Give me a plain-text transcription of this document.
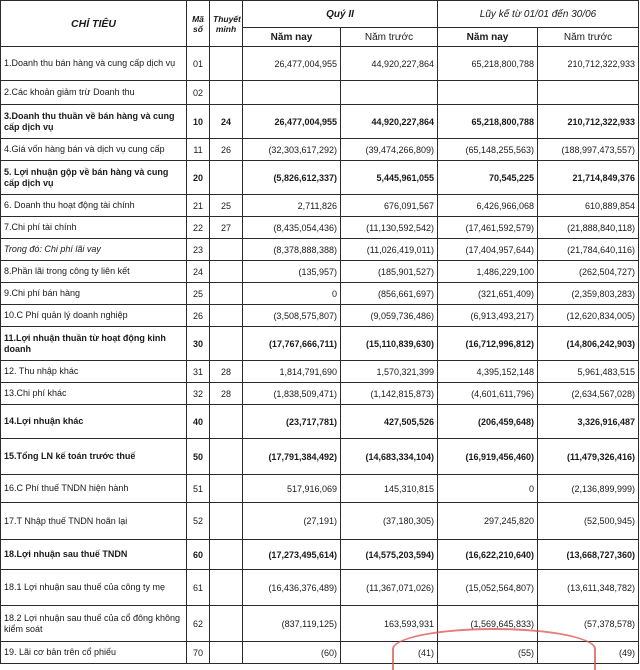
CHỈ TIÊU	Mã số	Thuyết minh	Quý II		Lũy kế từ 01/01 đến 30/06	
			Năm nay	Năm trước	Năm nay	Năm trước
1.Doanh thu bán hàng và cung cấp dịch vụ	01		26,477,004,955	44,920,227,864	65,218,800,788	210,712,322,933
2.Các khoản giảm trừ Doanh thu	02					
3.Doanh thu thuần về bán hàng và cung cấp dịch vụ	10	24	26,477,004,955	44,920,227,864	65,218,800,788	210,712,322,933
4.Giá vốn hàng bán và dịch vụ cung cấp	11	26	(32,303,617,292)	(39,474,266,809)	(65,148,255,563)	(188,997,473,557)
5. Lợi nhuận gộp về bán hàng và cung cấp dịch vụ	20		(5,826,612,337)	5,445,961,055	70,545,225	21,714,849,376
6. Doanh thu hoạt động tài chính	21	25	2,711,826	676,091,567	6,426,966,068	610,889,854
7.Chi phí tài chính	22	27	(8,435,054,436)	(11,130,592,542)	(17,461,592,579)	(21,888,840,118)
Trong đó: Chi phí lãi vay	23		(8,378,888,388)	(11,026,419,011)	(17,404,957,644)	(21,784,640,116)
8.Phần lãi trong công ty liên kết	24		(135,957)	(185,901,527)	1,486,229,100	(262,504,727)
9.Chi phí bán hàng	25		0	(856,661,697)	(321,651,409)	(2,359,803,283)
10.C Phí quản lý doanh nghiệp	26		(3,508,575,807)	(9,059,736,486)	(6,913,493,217)	(12,620,834,005)
11.Lợi nhuận thuần từ hoạt động kinh doanh	30		(17,767,666,711)	(15,110,839,630)	(16,712,996,812)	(14,806,242,903)
12. Thu nhập khác	31	28	1,814,791,690	1,570,321,399	4,395,152,148	5,961,483,515
13.Chi phí khác	32	28	(1,838,509,471)	(1,142,815,873)	(4,601,611,796)	(2,634,567,028)
14.Lợi nhuận khác	40		(23,717,781)	427,505,526	(206,459,648)	3,326,916,487
15.Tổng LN kế toán trước thuế	50		(17,791,384,492)	(14,683,334,104)	(16,919,456,460)	(11,479,326,416)
16.C Phí thuế TNDN hiện hành	51		517,916,069	145,310,815	0	(2,136,899,999)
17.T Nhập thuế TNDN hoãn lại	52		(27,191)	(37,180,305)	297,245,820	(52,500,945)
18.Lợi nhuận sau thuế TNDN	60		(17,273,495,614)	(14,575,203,594)	(16,622,210,640)	(13,668,727,360)
18.1 Lợi nhuận sau thuế của công ty mẹ	61		(16,436,376,489)	(11,367,071,026)	(15,052,564,807)	(13,611,348,782)
18.2 Lợi nhuận sau thuế của cổ đông không kiểm soát	62		(837,119,125)	163,593,931	(1,569,645,833)	(57,378,578)
19. Lãi cơ bản trên cổ phiếu	70		(60)	(41)	(55)	(49)
